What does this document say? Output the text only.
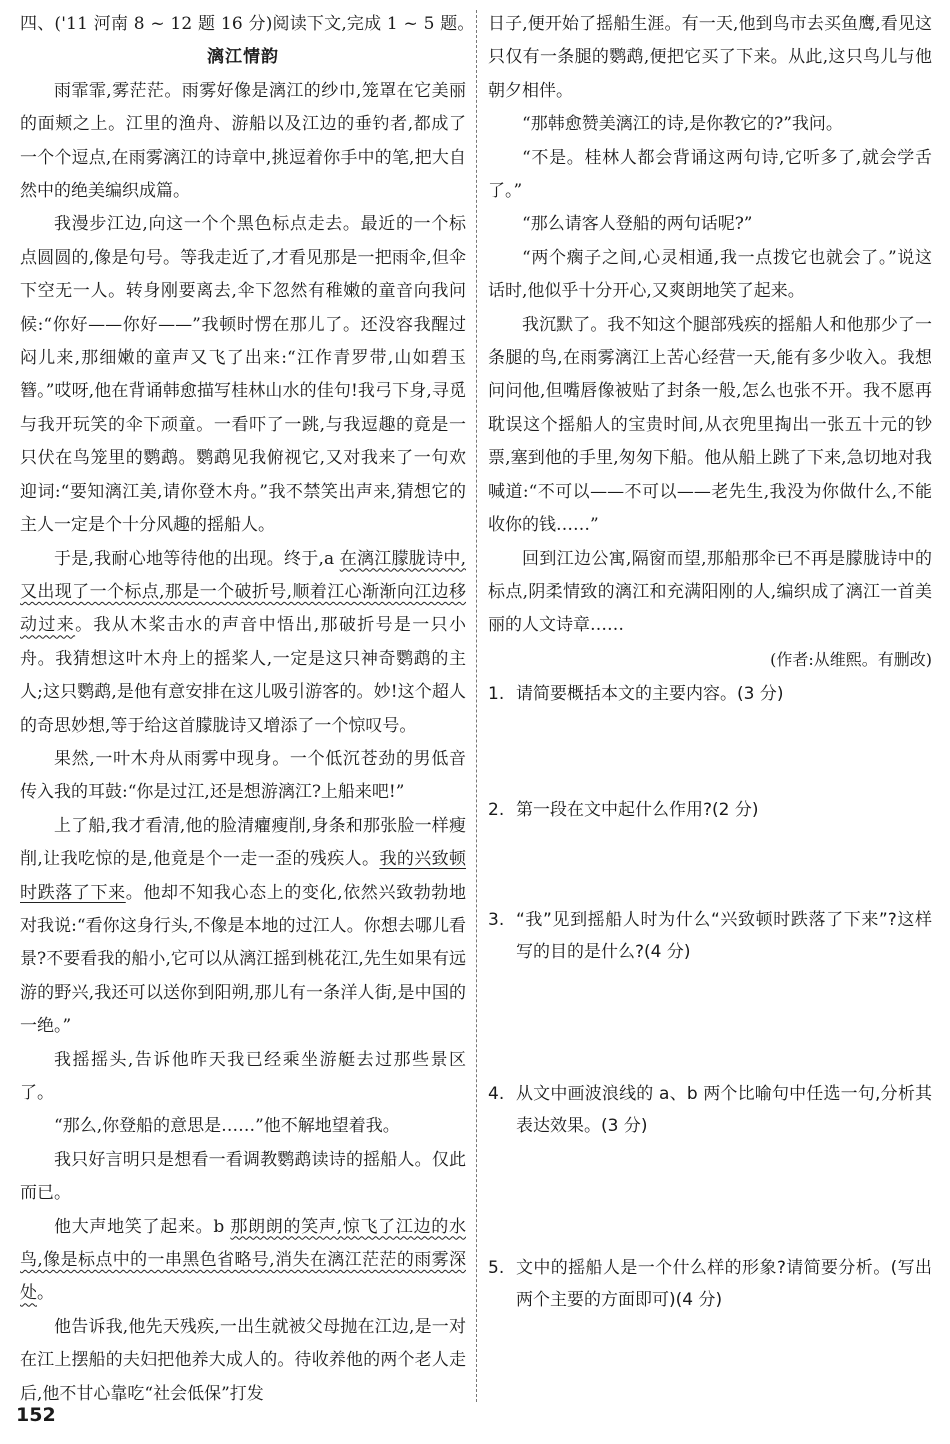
四、('11 河南 8 ~ 12 题 16 分)阅读下文,完成 1 ~ 5 题。
漓江情韵

雨霏霏,雾茫茫。雨雾好像是漓江的纱巾,笼罩在它美丽的面颊之上。江里的渔舟、游船以及江边的垂钓者,都成了一个个逗点,在雨雾漓江的诗章中,挑逗着你手中的笔,把大自然中的绝美编织成篇。

我漫步江边,向这一个个黑色标点走去。最近的一个标点圆圆的,像是句号。等我走近了,才看见那是一把雨伞,但伞下空无一人。转身刚要离去,伞下忽然有稚嫩的童音向我问候:“你好——你好——”我顿时愣在那儿了。还没容我醒过闷儿来,那细嫩的童声又飞了出来:“江作青罗带,山如碧玉簪。”哎呀,他在背诵韩愈描写桂林山水的佳句!我弓下身,寻觅与我开玩笑的伞下顽童。一看吓了一跳,与我逗趣的竟是一只伏在鸟笼里的鹦鹉。鹦鹉见我俯视它,又对我来了一句欢迎词:“要知漓江美,请你登木舟。”我不禁笑出声来,猜想它的主人一定是个十分风趣的摇船人。

于是,我耐心地等待他的出现。终于,a 在漓江朦胧诗中,又出现了一个标点,那是一个破折号,顺着江心渐渐向江边移动过来。我从木桨击水的声音中悟出,那破折号是一只小舟。我猜想这叶木舟上的摇桨人,一定是这只神奇鹦鹉的主人;这只鹦鹉,是他有意安排在这儿吸引游客的。妙!这个超人的奇思妙想,等于给这首朦胧诗又增添了一个惊叹号。

果然,一叶木舟从雨雾中现身。一个低沉苍劲的男低音传入我的耳鼓:“你是过江,还是想游漓江?上船来吧!”

上了船,我才看清,他的脸清癯瘦削,身条和那张脸一样瘦削,让我吃惊的是,他竟是个一走一歪的残疾人。我的兴致顿时跌落了下来。他却不知我心态上的变化,依然兴致勃勃地对我说:“看你这身行头,不像是本地的过江人。你想去哪儿看景?不要看我的船小,它可以从漓江摇到桃花江,先生如果有远游的野兴,我还可以送你到阳朔,那儿有一条洋人街,是中国的一绝。”

我摇摇头,告诉他昨天我已经乘坐游艇去过那些景区了。

“那么,你登船的意思是……”他不解地望着我。

我只好言明只是想看一看调教鹦鹉读诗的摇船人。仅此而已。

他大声地笑了起来。b 那朗朗的笑声,惊飞了江边的水鸟,像是标点中的一串黑色省略号,消失在漓江茫茫的雨雾深处。

他告诉我,他先天残疾,一出生就被父母抛在江边,是一对在江上摆船的夫妇把他养大成人的。待收养他的两个老人走后,他不甘心靠吃“社会低保”打发

日子,便开始了摇船生涯。有一天,他到鸟市去买鱼鹰,看见这只仅有一条腿的鹦鹉,便把它买了下来。从此,这只鸟儿与他朝夕相伴。

“那韩愈赞美漓江的诗,是你教它的?”我问。

“不是。桂林人都会背诵这两句诗,它听多了,就会学舌了。”

“那么请客人登船的两句话呢?”

“两个瘸子之间,心灵相通,我一点拨它也就会了。”说这话时,他似乎十分开心,又爽朗地笑了起来。

我沉默了。我不知这个腿部残疾的摇船人和他那少了一条腿的鸟,在雨雾漓江上苦心经营一天,能有多少收入。我想问问他,但嘴唇像被贴了封条一般,怎么也张不开。我不愿再耽误这个摇船人的宝贵时间,从衣兜里掏出一张五十元的钞票,塞到他的手里,匆匆下船。他从船上跳了下来,急切地对我喊道:“不可以——不可以——老先生,我没为你做什么,不能收你的钱……”

回到江边公寓,隔窗而望,那船那伞已不再是朦胧诗中的标点,阴柔情致的漓江和充满阳刚的人,编织成了漓江一首美丽的人文诗章……

(作者:从维熙。有删改)
1. 请简要概括本文的主要内容。(3 分)
2. 第一段在文中起什么作用?(2 分)
3. “我”见到摇船人时为什么“兴致顿时跌落了下来”?这样写的目的是什么?(4 分)
4. 从文中画波浪线的 a、b 两个比喻句中任选一句,分析其表达效果。(3 分)
5. 文中的摇船人是一个什么样的形象?请简要分析。(写出两个主要的方面即可)(4 分)
152
